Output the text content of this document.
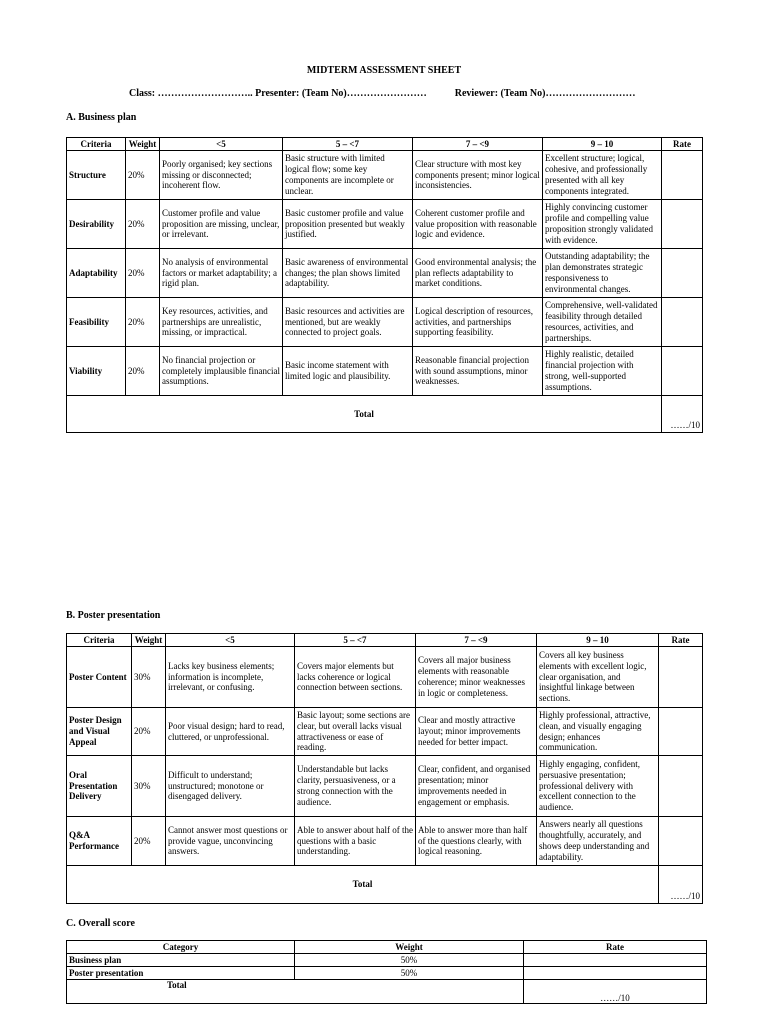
MIDTERM ASSESSMENT SHEET
Class: ……………………….. Presenter: (Team No)……………………	Reviewer: (Team No)………………………
A. Business plan
Criteria	Weight	<5	5 – <7	7 – <9	9 – 10	Rate
Structure	20%	Poorly organised; key sections missing or disconnected; incoherent flow.	Basic structure with limited logical flow; some key components are incomplete or unclear.	Clear structure with most key components present; minor logical inconsistencies.	Excellent structure; logical, cohesive, and professionally presented with all key components integrated.	
Desirability	20%	Customer profile and value proposition are missing, unclear, or irrelevant.	Basic customer profile and value proposition presented but weakly justified.	Coherent customer profile and value proposition with reasonable logic and evidence.	Highly convincing customer profile and compelling value proposition strongly validated with evidence.	
Adaptability	20%	No analysis of environmental factors or market adaptability; a rigid plan.	Basic awareness of environmental changes; the plan shows limited adaptability.	Good environmental analysis; the plan reflects adaptability to market conditions.	Outstanding adaptability; the plan demonstrates strategic responsiveness to environmental changes.	
Feasibility	20%	Key resources, activities, and partnerships are unrealistic, missing, or impractical.	Basic resources and activities are mentioned, but are weakly connected to project goals.	Logical description of resources, activities, and partnerships supporting feasibility.	Comprehensive, well-validated feasibility through detailed resources, activities, and partnerships.	
Viability	20%	No financial projection or completely implausible financial assumptions.	Basic income statement with limited logic and plausibility.	Reasonable financial projection with sound assumptions, minor weaknesses.	Highly realistic, detailed financial projection with strong, well-supported assumptions.	
Total						……/10
B. Poster presentation
Criteria	Weight	<5	5 – <7	7 – <9	9 – 10	Rate
Poster Content	30%	Lacks key business elements; information is incomplete, irrelevant, or confusing.	Covers major elements but lacks coherence or logical connection between sections.	Covers all major business elements with reasonable coherence; minor weaknesses in logic or completeness.	Covers all key business elements with excellent logic, clear organisation, and insightful linkage between sections.	
Poster Design and Visual Appeal	20%	Poor visual design; hard to read, cluttered, or unprofessional.	Basic layout; some sections are clear, but overall lacks visual attractiveness or ease of reading.	Clear and mostly attractive layout; minor improvements needed for better impact.	Highly professional, attractive, clean, and visually engaging design; enhances communication.	
Oral Presentation Delivery	30%	Difficult to understand; unstructured; monotone or disengaged delivery.	Understandable but lacks clarity, persuasiveness, or a strong connection with the audience.	Clear, confident, and organised presentation; minor improvements needed in engagement or emphasis.	Highly engaging, confident, persuasive presentation; professional delivery with excellent connection to the audience.	
Q&A Performance	20%	Cannot answer most questions or provide vague, unconvincing answers.	Able to answer about half of the questions with a basic understanding.	Able to answer more than half of the questions clearly, with logical reasoning.	Answers nearly all questions thoughtfully, accurately, and shows deep understanding and adaptability.	
Total						……/10
C. Overall score
Category	Weight	Rate
Business plan	50%	
Poster presentation	50%	
Total		……/10
